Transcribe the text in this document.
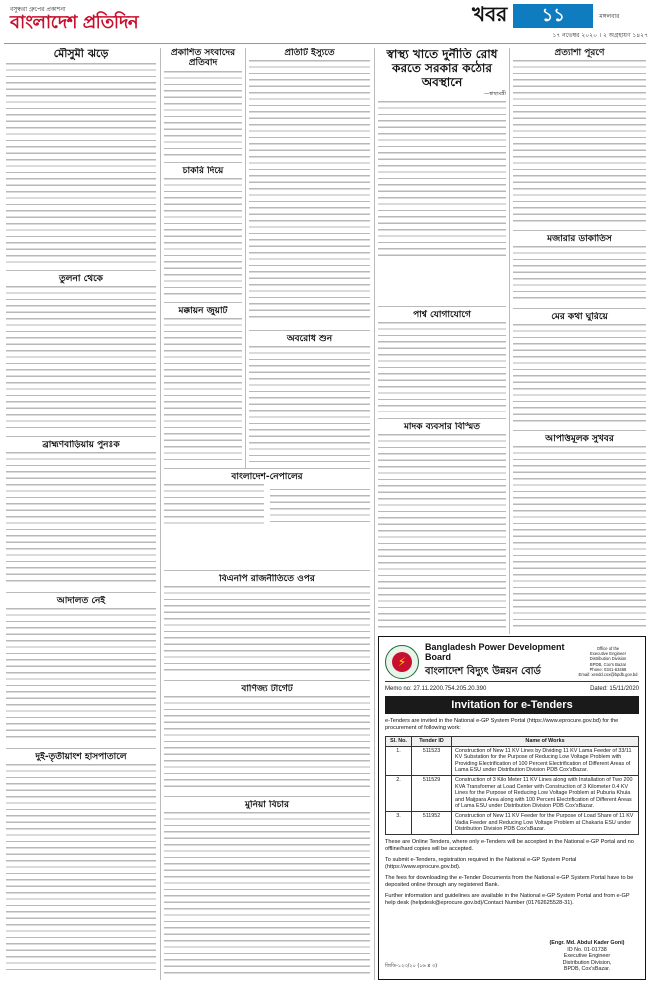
বসুন্ধরা গ্রুপের প্রকাশনা
বাংলাদেশ প্রতিদিন	খবর	১১	মঙ্গলবার
১৭ নভেম্বর ২০২০ । ২ অগ্রহায়ণ ১৪২৭
মৌসুমী ঝড়ে
তুলনা থেকে
ব্রাহ্মণবাড়িয়ায় পুনঃক
আদালত নেই
দুই-তৃতীয়াংশ হাসপাতালে
প্রকাশিত সংবাদের প্রতিবাদ
চাকরি দিয়ে
মক্কায়ন জুয়ার্ট
বাংলাদেশ-নেপালের
বিএনপি রাজনীতিতে ওপর
বাণিজ্য টার্গেট
মুনিয়া বিচার
প্রতিটি ইস্যুতে
অবরোধ শুন
স্বাস্থ্য খাতে দুর্নীতি রোধ করতে সরকার কঠোর অবস্থানে
—স্বাস্থ্যমন্ত্রী
পার্শ্ব যোগাযোগে
মাদক ব্যবসার বিস্মিত
প্রত্যাশা পূরণে
মজারার ডাকাতিস
মের কথা ঘুরিয়ে
আপত্তিমূলক সুখবর
⚡
Bangladesh Power Development Board
বাংলাদেশ বিদ্যুৎ উন্নয়ন বোর্ড
Office of the
Executive Engineer
Distribution Division
BPDB, Cox's Bazar
Phone: 0341-63468
Email: xendd.cox@bpdb.gov.bd
Memo no: 27.11.2200.754.205.20.390	Dated: 15/11/2020
Invitation for e-Tenders
e-Tenders are invited in the National e-GP System Portal (https://www.eprocure.gov.bd) for the procurement of following work:
Sl. No.	Tender ID	Name of Works
1.	511523	Construction of New 11 KV Lines by Dividing 11 KV Lama Feeder of 33/11 KV Substation for the Purpose of Reducing Low Voltage Problem with Providing Electrification of 100 Percent Electrification of Different Areas of Lama ESU under Distribution Division PDB Cox'sBazar.
2.	511529	Construction of 3 Kilo Meter 11 KV Lines along with Installation of Two 200 KVA Transformer at Load Center with Construction of 3 Kilometer 0.4 KV Lines for the Purpose of Reducing Low Voltage Problem at Puburia Khuia and Maijpara Area along with 100 Percent Electrification of Different Areas of Lama ESU under Distribution Division PDB Cox'sBazar.
3.	511952	Construction of New 11 KV Feeder for the Purpose of Load Share of 11 KV Vadia Feeder and Reducing Low Voltage Problem at Chakaria ESU under Distribution Division PDB Cox'sBazar.
These are Online Tenders, where only e-Tenders will be accepted in the National e-GP Portal and no offline/hard copies will be accepted.
To submit e-Tenders, registration required in the National e-GP System Portal (https://www.eprocure.gov.bd).
The fees for downloading the e-Tender Documents from the National e-GP System Portal have to be deposited online through any registered Bank.
Further information and guidelines are available in the National e-GP System Portal and from e-GP help desk (helpdesk@eprocure.gov.bd)/Contact Number (01762625528-31).
জিডি-১২৩/২০ (১৬ x ৩)
(Engr. Md. Abdul Kader Goni)
ID No. 01-01738
Executive Engineer
Distribution Division,
BPDB, Cox'sBazar.
